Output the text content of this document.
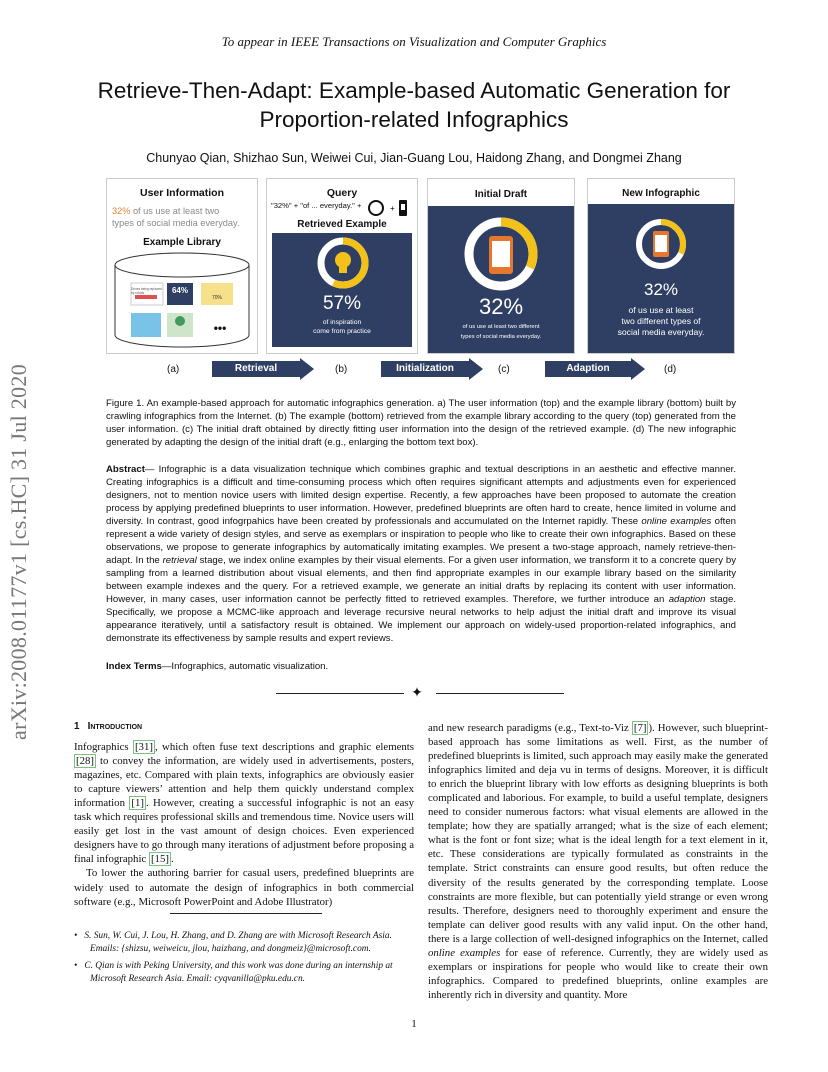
To appear in IEEE Transactions on Visualization and Computer Graphics
Retrieve-Then-Adapt: Example-based Automatic Generation for
Proportion-related Infographics
Chunyao Qian, Shizhao Sun, Weiwei Cui, Jian-Guang Lou, Haidong Zhang, and Dongmei Zhang
arXiv:2008.01177v1 [cs.HC] 31 Jul 2020
User Information
32% of us use at least two
types of social media everyday.
Example Library
64%
•••
Drives being replaced by robots
87.5%	70%
Query
"32%" + "of ... everyday." +	+
Retrieved Example
57%
of inspiration
come from practice
Initial Draft
32%
of us use at least two different
types of social media everyday.
New Infographic
32%
of us use at least
two different types of
social media everyday.
(a)	(b)	(c)	(d)
Retrieval	Initialization	Adaption
Figure 1. An example-based approach for automatic infographics generation. a) The user information (top) and the example library (bottom) built by crawling infographics from the Internet. (b) The example (bottom) retrieved from the example library according to the query (top) generated from the user information. (c) The initial draft obtained by directly fitting user information into the design of the retrieved example. (d) The new infographic generated by adapting the design of the initial draft (e.g., enlarging the bottom text box).
Abstract— Infographic is a data visualization technique which combines graphic and textual descriptions in an aesthetic and effective manner. Creating infographics is a difficult and time-consuming process which often requires significant attempts and adjustments even for experienced designers, not to mention novice users with limited design expertise. Recently, a few approaches have been proposed to automate the creation process by applying predefined blueprints to user information. However, predefined blueprints are often hard to create, hence limited in volume and diversity. In contrast, good infogrpahics have been created by professionals and accumulated on the Internet rapidly. These online examples often represent a wide variety of design styles, and serve as exemplars or inspiration to people who like to create their own infographics. Based on these observations, we propose to generate infographics by automatically imitating examples. We present a two-stage approach, namely retrieve-then-adapt. In the retrieval stage, we index online examples by their visual elements. For a given user information, we transform it to a concrete query by sampling from a learned distribution about visual elements, and then find appropriate examples in our example library based on the similarity between example indexes and the query. For a retrieved example, we generate an initial drafts by replacing its content with user information. However, in many cases, user information cannot be perfectly fitted to retrieved examples. Therefore, we further introduce an adaption stage. Specifically, we propose a MCMC-like approach and leverage recursive neural networks to help adjust the initial draft and improve its visual appearance iteratively, until a satisfactory result is obtained. We implement our approach on widely-used proportion-related infographics, and demonstrate its effectiveness by sample results and expert reviews.
Index Terms—Infographics, automatic visualization.
✦
1 Introduction
Infographics [31] , which often fuse text descriptions and graphic elements [28] to convey the information, are widely used in advertisements, posters, magazines, etc. Compared with plain texts, infographics are obviously easier to capture viewers’ attention and help them quickly understand complex information [1] . However, creating a successful infographic is not an easy task which requires professional skills and tremendous time. Novice users will easily get lost in the vast amount of design choices. Even experienced designers have to go through many iterations of adjustment before proposing a final infographic [15] .
To lower the authoring barrier for casual users, predefined blueprints are widely used to automate the design of infographics in both commercial software (e.g., Microsoft PowerPoint and Adobe Illustrator)

• S. Sun, W. Cui, J. Lou, H. Zhang, and D. Zhang are with Microsoft Research Asia. Emails: {shizsu, weiweicu, jlou, haizhang, and dongmeiz}@microsoft.com.

• C. Qian is with Peking University, and this work was done during an internship at Microsoft Research Asia. Email: cyqvanilla@pku.edu.cn.

and new research paradigms (e.g., Text-to-Viz [7] ). However, such blueprint-based approach has some limitations as well. First, as the number of predefined blueprints is limited, such approach may easily make the generated infographics limited and deja vu in terms of designs. Moreover, it is difficult to enrich the blueprint library with low efforts as designing blueprints is both complicated and laborious. For example, to build a useful template, designers need to consider numerous factors: what visual elements are allowed in the template; how they are spatially arranged; what is the size of each element; what is the font or font size; what is the ideal length for a text element in it, etc. These considerations are typically formulated as constraints in the template. Strict constraints can ensure good results, but often reduce the diversity of the results generated by the corresponding template. Loose constraints are more flexible, but can potentially yield strange or even wrong results. Therefore, designers need to thoroughly experiment and ensure the template can deliver good results with any valid input. On the other hand, there is a large collection of well-designed infographics on the Internet, called online examples for ease of reference. Currently, they are widely used as exemplars or inspirations for people who would like to create their own infographics. Compared to predefined blueprints, online examples are inherently rich in diversity and quantity. More
1
